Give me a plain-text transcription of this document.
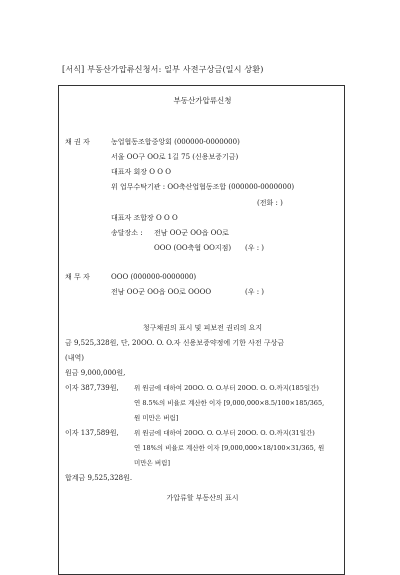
[서식] 부동산가압류신청서: 일부 사전구상금(일시 상환)
부동산가압류신청
채 권 자	농업협동조합중앙회 (000000-0000000)
서울 OO구 OO로 1길 75 (신용보증기금)
대표자 회장 O O O
위 업무수탁기관 : OO축산업협동조합 (000000-0000000)
(전화 : )
대표자 조합장 O O O
송달장소 : 전남 OO군 OO읍 OO로
OOO (OO축협 OO지점) (우 : )
채 무 자	OOO (000000-0000000)
전남 OO군 OO읍 OO로 OOOO	(우 : )
청구채권의 표시 및 피보전 권리의 요지
금 9,525,328원, 단, 20OO. O. O.자 신용보증약정에 기한 사전 구상금
(내역)
원금 9,000,000원,
이자 387,739원, 위 원금에 대하여 20OO. O. O.부터 20OO. O. O.까지(185일간)
연 8.5%의 비율로 계산한 이자 [9,000,000×8.5/100×185/365,
원 미만은 버림]
이자 137,589원, 위 원금에 대하여 20OO. O. O.부터 20OO. O. O.까지(31일간)
연 18%의 비율로 계산한 이자 [9,000,000×18/100×31/365, 원
미만은 버림]
합계금 9,525,328원.
가압류할 부동산의 표시
